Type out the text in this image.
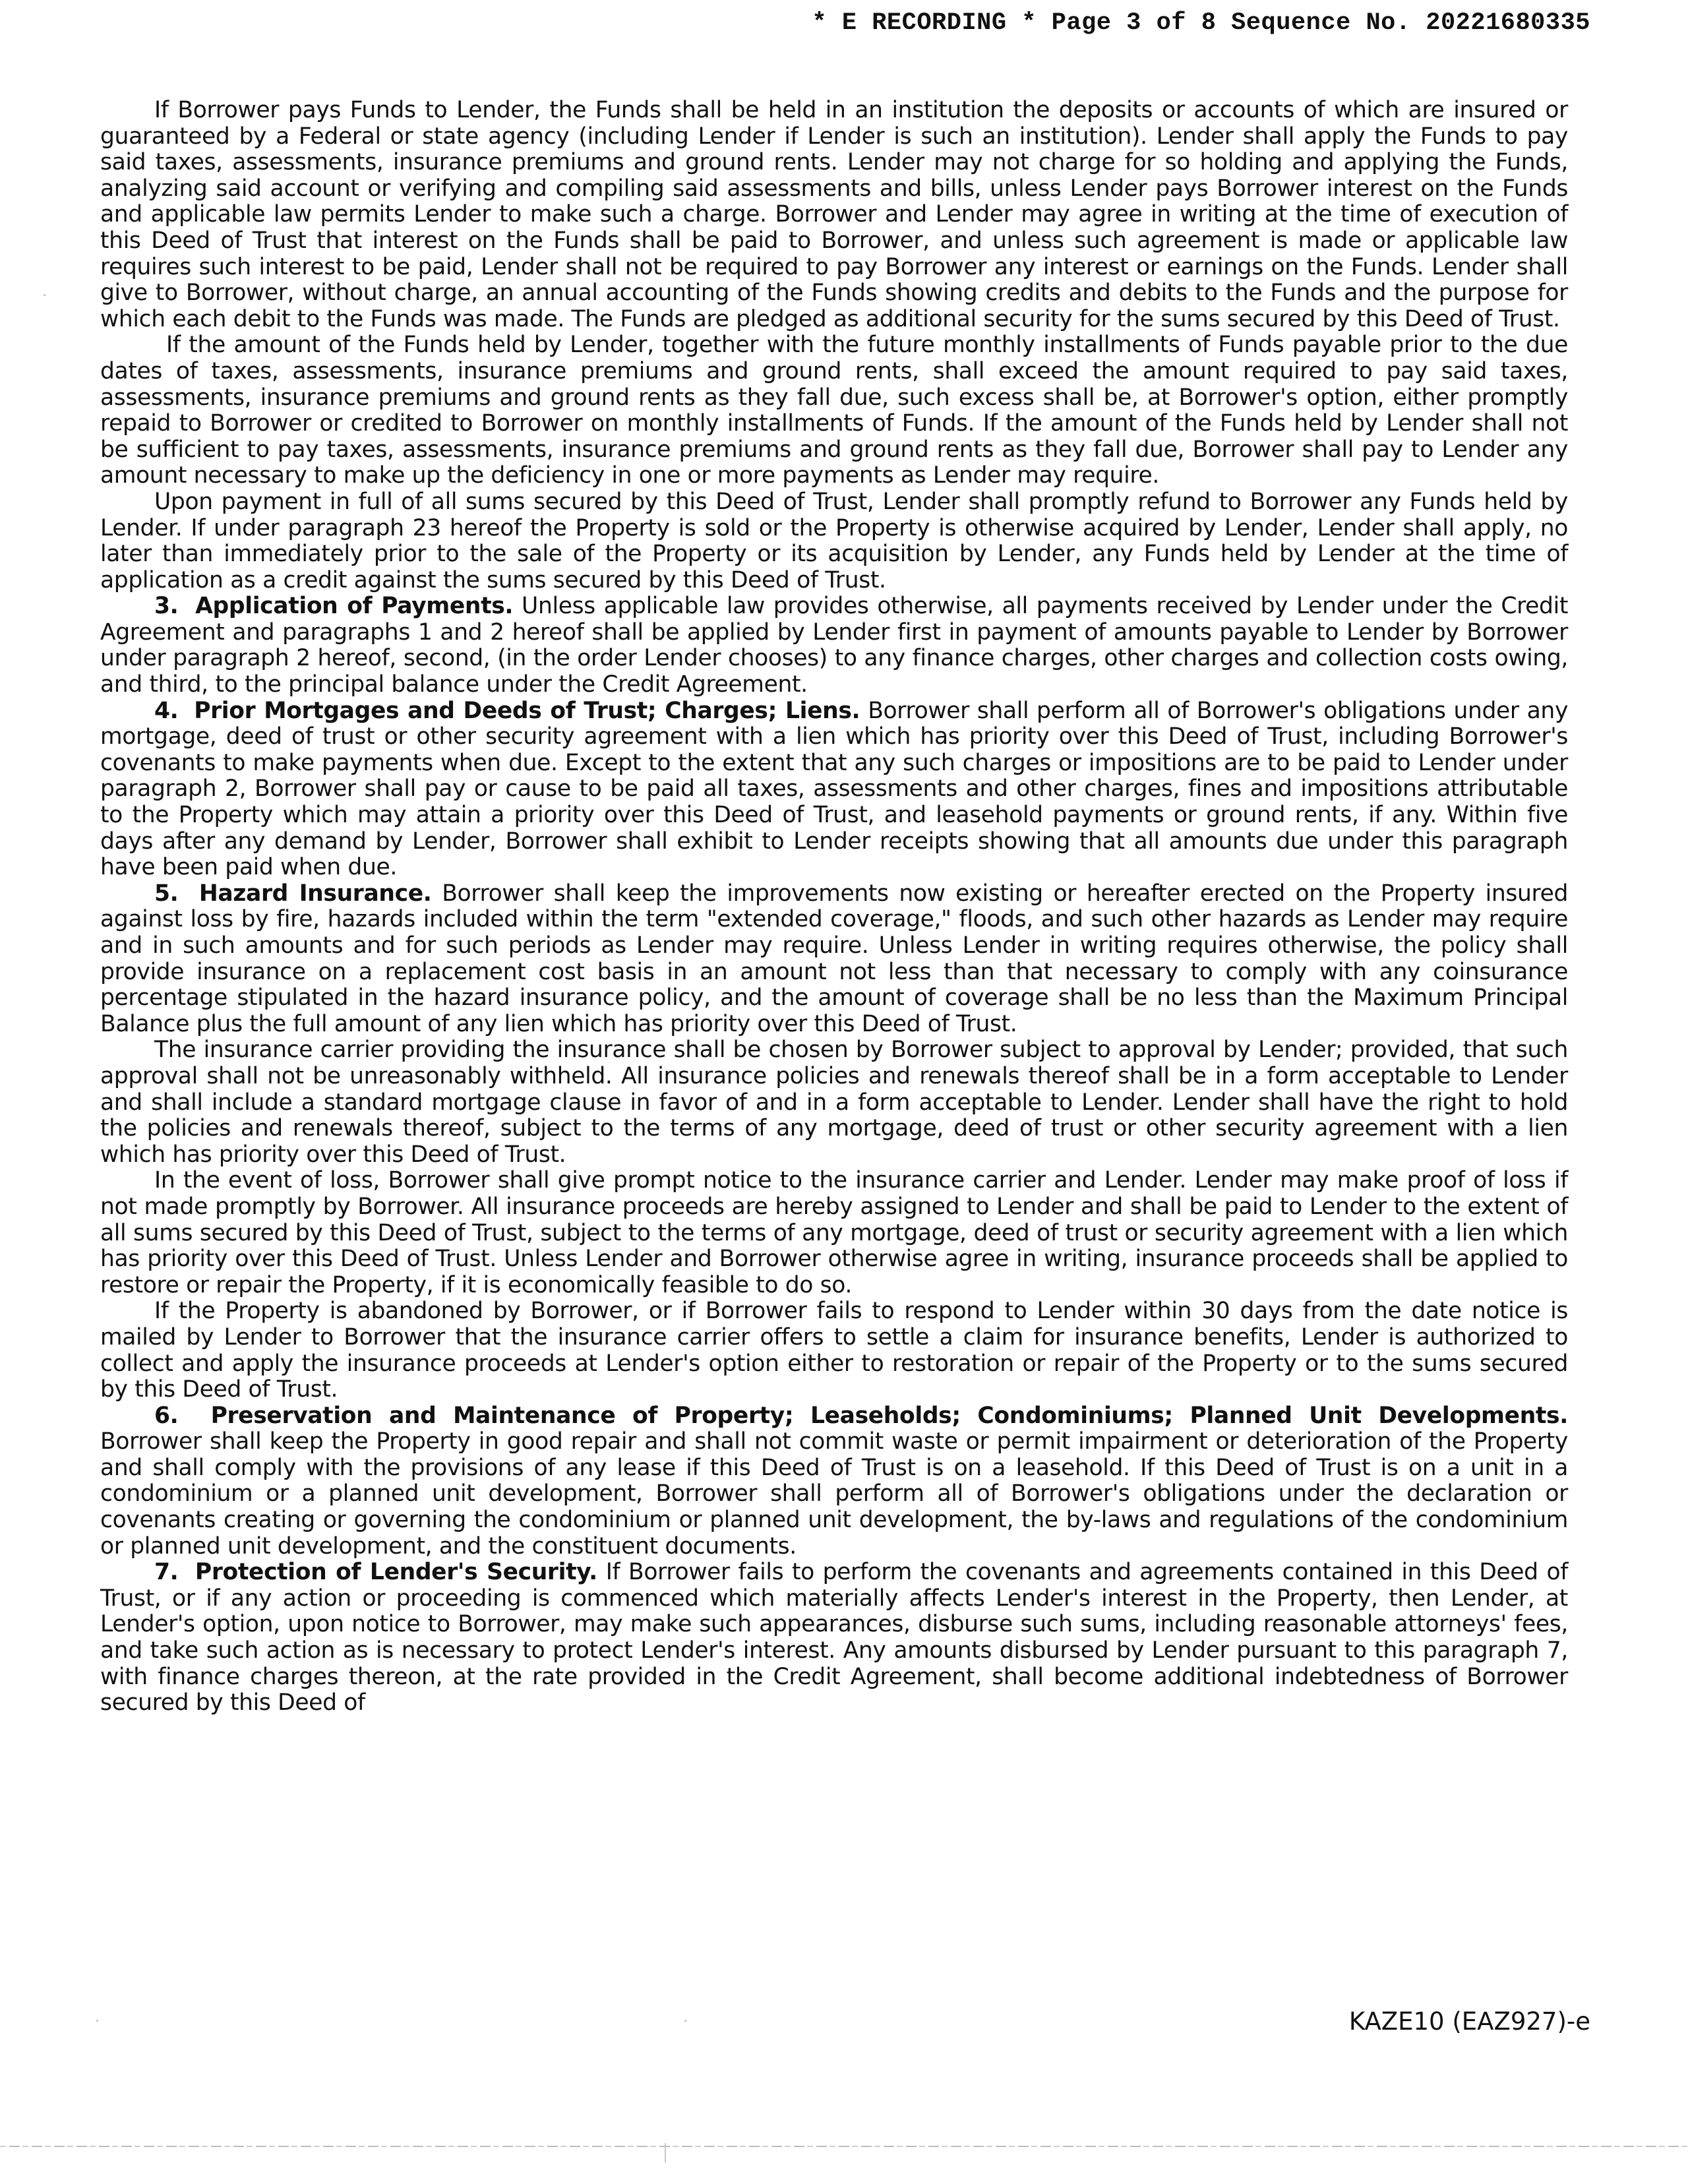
* E RECORDING * Page 3 of 8 Sequence No. 20221680335

If Borrower pays Funds to Lender, the Funds shall be held in an institution the deposits or accounts of which are insured or guaranteed by a Federal or state agency (including Lender if Lender is such an institution). Lender shall apply the Funds to pay said taxes, assessments, insurance premiums and ground rents. Lender may not charge for so holding and applying the Funds, analyzing said account or verifying and compiling said assessments and bills, unless Lender pays Borrower interest on the Funds and applicable law permits Lender to make such a charge. Borrower and Lender may agree in writing at the time of execution of this Deed of Trust that interest on the Funds shall be paid to Borrower, and unless such agreement is made or applicable law requires such interest to be paid, Lender shall not be required to pay Borrower any interest or earnings on the Funds. Lender shall give to Borrower, without charge, an annual accounting of the Funds showing credits and debits to the Funds and the purpose for which each debit to the Funds was made. The Funds are pledged as additional security for the sums secured by this Deed of Trust.

If the amount of the Funds held by Lender, together with the future monthly installments of Funds payable prior to the due dates of taxes, assessments, insurance premiums and ground rents, shall exceed the amount required to pay said taxes, assessments, insurance premiums and ground rents as they fall due, such excess shall be, at Borrower's option, either promptly repaid to Borrower or credited to Borrower on monthly installments of Funds. If the amount of the Funds held by Lender shall not be sufficient to pay taxes, assessments, insurance premiums and ground rents as they fall due, Borrower shall pay to Lender any amount necessary to make up the deficiency in one or more payments as Lender may require.

Upon payment in full of all sums secured by this Deed of Trust, Lender shall promptly refund to Borrower any Funds held by Lender. If under paragraph 23 hereof the Property is sold or the Property is otherwise acquired by Lender, Lender shall apply, no later than immediately prior to the sale of the Property or its acquisition by Lender, any Funds held by Lender at the time of application as a credit against the sums secured by this Deed of Trust.

3. Application of Payments. Unless applicable law provides otherwise, all payments received by Lender under the Credit Agreement and paragraphs 1 and 2 hereof shall be applied by Lender first in payment of amounts payable to Lender by Borrower under paragraph 2 hereof, second, (in the order Lender chooses) to any finance charges, other charges and collection costs owing, and third, to the principal balance under the Credit Agreement.

4. Prior Mortgages and Deeds of Trust; Charges; Liens. Borrower shall perform all of Borrower's obligations under any mortgage, deed of trust or other security agreement with a lien which has priority over this Deed of Trust, including Borrower's covenants to make payments when due. Except to the extent that any such charges or impositions are to be paid to Lender under paragraph 2, Borrower shall pay or cause to be paid all taxes, assessments and other charges, fines and impositions attributable to the Property which may attain a priority over this Deed of Trust, and leasehold payments or ground rents, if any. Within five days after any demand by Lender, Borrower shall exhibit to Lender receipts showing that all amounts due under this paragraph have been paid when due.

5. Hazard Insurance. Borrower shall keep the improvements now existing or hereafter erected on the Property insured against loss by fire, hazards included within the term "extended coverage," floods, and such other hazards as Lender may require and in such amounts and for such periods as Lender may require. Unless Lender in writing requires otherwise, the policy shall provide insurance on a replacement cost basis in an amount not less than that necessary to comply with any coinsurance percentage stipulated in the hazard insurance policy, and the amount of coverage shall be no less than the Maximum Principal Balance plus the full amount of any lien which has priority over this Deed of Trust.

The insurance carrier providing the insurance shall be chosen by Borrower subject to approval by Lender; provided, that such approval shall not be unreasonably withheld. All insurance policies and renewals thereof shall be in a form acceptable to Lender and shall include a standard mortgage clause in favor of and in a form acceptable to Lender. Lender shall have the right to hold the policies and renewals thereof, subject to the terms of any mortgage, deed of trust or other security agreement with a lien which has priority over this Deed of Trust.

In the event of loss, Borrower shall give prompt notice to the insurance carrier and Lender. Lender may make proof of loss if not made promptly by Borrower. All insurance proceeds are hereby assigned to Lender and shall be paid to Lender to the extent of all sums secured by this Deed of Trust, subject to the terms of any mortgage, deed of trust or security agreement with a lien which has priority over this Deed of Trust. Unless Lender and Borrower otherwise agree in writing, insurance proceeds shall be applied to restore or repair the Property, if it is economically feasible to do so.

If the Property is abandoned by Borrower, or if Borrower fails to respond to Lender within 30 days from the date notice is mailed by Lender to Borrower that the insurance carrier offers to settle a claim for insurance benefits, Lender is authorized to collect and apply the insurance proceeds at Lender's option either to restoration or repair of the Property or to the sums secured by this Deed of Trust.

6. Preservation and Maintenance of Property; Leaseholds; Condominiums; Planned Unit Developments. Borrower shall keep the Property in good repair and shall not commit waste or permit impairment or deterioration of the Property and shall comply with the provisions of any lease if this Deed of Trust is on a leasehold. If this Deed of Trust is on a unit in a condominium or a planned unit development, Borrower shall perform all of Borrower's obligations under the declaration or covenants creating or governing the condominium or planned unit development, the by-laws and regulations of the condominium or planned unit development, and the constituent documents.

7. Protection of Lender's Security. If Borrower fails to perform the covenants and agreements contained in this Deed of Trust, or if any action or proceeding is commenced which materially affects Lender's interest in the Property, then Lender, at Lender's option, upon notice to Borrower, may make such appearances, disburse such sums, including reasonable attorneys' fees, and take such action as is necessary to protect Lender's interest. Any amounts disbursed by Lender pursuant to this paragraph 7, with finance charges thereon, at the rate provided in the Credit Agreement, shall become additional indebtedness of Borrower secured by this Deed of

KAZE10 (EAZ927)-e
